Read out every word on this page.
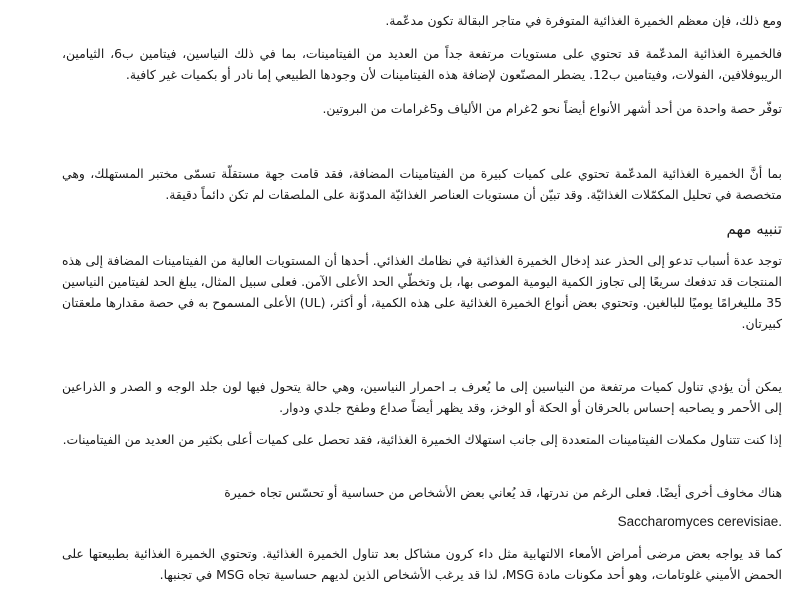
ومع ذلك، فإن معظم الخميرة الغذائية المتوفرة في متاجر البقالة تكون مدعّمة.

فالخميرة الغذائية المدعّمة قد تحتوي على مستويات مرتفعة جداً من العديد من الفيتامينات، بما في ذلك النياسين، فيتامين ب6، الثيامين، الريبوفلافين، الفولات، وفيتامين ب12. يضطر المصنّعون لإضافة هذه الفيتامينات لأن وجودها الطبيعي إما نادر أو بكميات غير كافية.

توفّر حصة واحدة من أحد أشهر الأنواع أيضاً نحو 2غرام من الألياف و5غرامات من البروتين.

بما أنَّ الخميرة الغذائية المدعّمة تحتوي على كميات كبيرة من الفيتامينات المضافة، فقد قامت جهة مستقلّة تسمّى مختبر المستهلك، وهي متخصصة في تحليل المكمّلات الغذائيّة. وقد تبيّن أن مستويات العناصر الغذائيّة المدوّنة على الملصقات لم تكن دائماً دقيقة.

تنبيه مهم

توجد عدة أسباب تدعو إلى الحذر عند إدخال الخميرة الغذائية في نظامك الغذائي. أحدها أن المستويات العالية من الفيتامينات المضافة إلى هذه المنتجات قد تدفعك سريعًا إلى تجاوز الكمية اليومية الموصى بها، بل وتخطّي الحد الأعلى الآمن. فعلى سبيل المثال، يبلغ الحد لفيتامين النياسين 35 ملليغرامًا يوميًا للبالغين. وتحتوي بعض أنواع الخميرة الغذائية على هذه الكمية، أو أكثر، (UL) الأعلى المسموح به في حصة مقدارها ملعقتان كبيرتان.

يمكن أن يؤدي تناول كميات مرتفعة من النياسين إلى ما يُعرف بـ احمرار النياسين، وهي حالة يتحول فيها لون جلد الوجه و الصدر و الذراعين إلى الأحمر و يصاحبه إحساس بالحرقان أو الحكة أو الوخز، وقد يظهر أيضاً صداع وطفح جلدي ودوار.

إذا كنت تتناول مكملات الفيتامينات المتعددة إلى جانب استهلاك الخميرة الغذائية، فقد تحصل على كميات أعلى بكثير من العديد من الفيتامينات.

هناك مخاوف أخرى أيضًا. فعلى الرغم من ندرتها، قد يُعاني بعض الأشخاص من حساسية أو تحسّس تجاه خميرة

Saccharomyces cerevisiae.

كما قد يواجه بعض مرضى أمراض الأمعاء الالتهابية مثل داء كرون مشاكل بعد تناول الخميرة الغذائية. وتحتوي الخميرة الغذائية بطبيعتها على الحمض الأميني غلوتامات، وهو أحد مكونات مادة MSG، لذا قد يرغب الأشخاص الذين لديهم حساسية تجاه MSG في تجنبها.
